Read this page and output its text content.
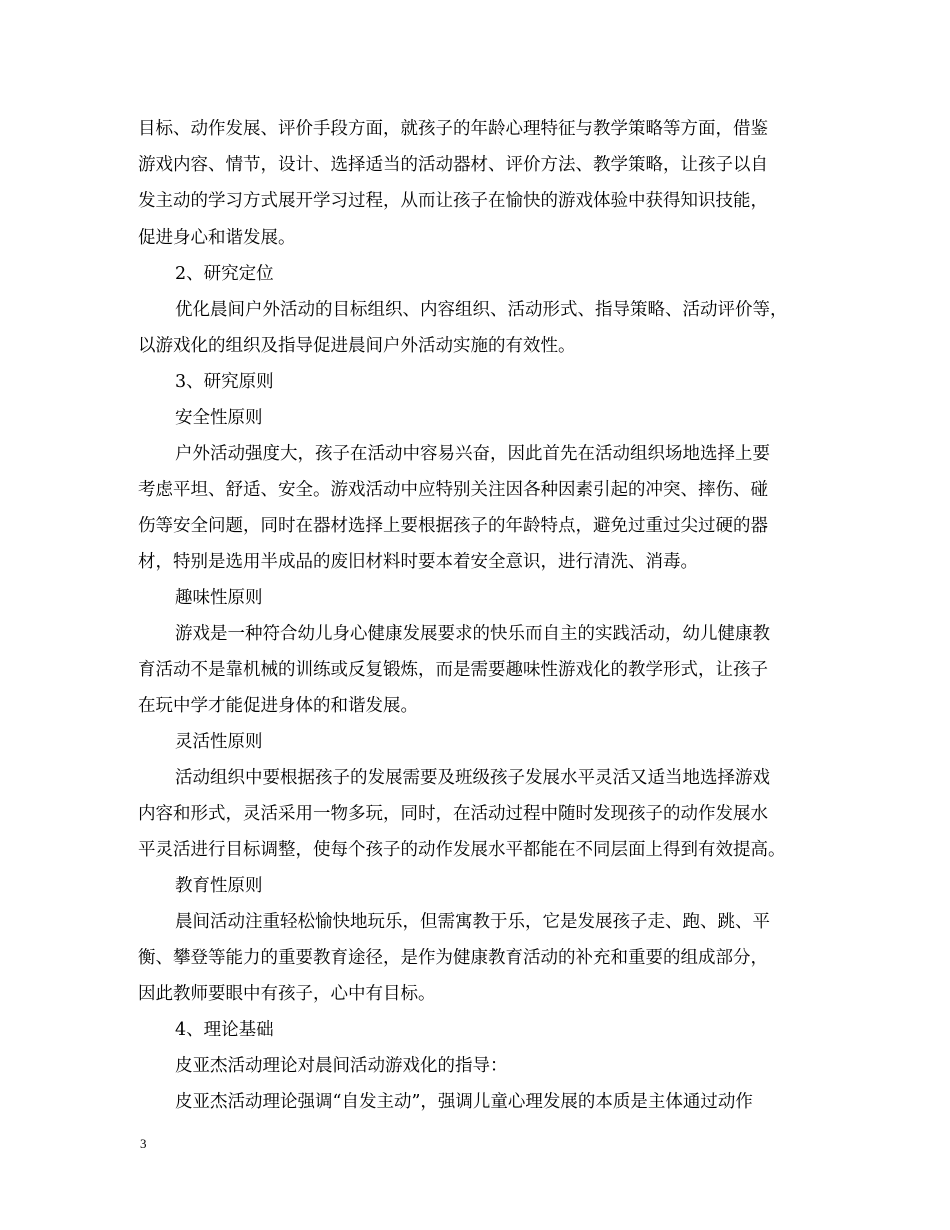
目标、动作发展、评价手段方面，就孩子的年龄心理特征与教学策略等方面，借鉴

游戏内容、情节，设计、选择适当的活动器材、评价方法、教学策略，让孩子以自

发主动的学习方式展开学习过程，从而让孩子在愉快的游戏体验中获得知识技能，

促进身心和谐发展。

2、研究定位

优化晨间户外活动的目标组织、内容组织、活动形式、指导策略、活动评价等，

以游戏化的组织及指导促进晨间户外活动实施的有效性。

3、研究原则

安全性原则

户外活动强度大，孩子在活动中容易兴奋，因此首先在活动组织场地选择上要

考虑平坦、舒适、安全。游戏活动中应特别关注因各种因素引起的冲突、摔伤、碰

伤等安全问题，同时在器材选择上要根据孩子的年龄特点，避免过重过尖过硬的器

材，特别是选用半成品的废旧材料时要本着安全意识，进行清洗、消毒。

趣味性原则

游戏是一种符合幼儿身心健康发展要求的快乐而自主的实践活动，幼儿健康教

育活动不是靠机械的训练或反复锻炼，而是需要趣味性游戏化的教学形式，让孩子

在玩中学才能促进身体的和谐发展。

灵活性原则

活动组织中要根据孩子的发展需要及班级孩子发展水平灵活又适当地选择游戏

内容和形式，灵活采用一物多玩，同时，在活动过程中随时发现孩子的动作发展水

平灵活进行目标调整，使每个孩子的动作发展水平都能在不同层面上得到有效提高。

教育性原则

晨间活动注重轻松愉快地玩乐，但需寓教于乐，它是发展孩子走、跑、跳、平

衡、攀登等能力的重要教育途径，是作为健康教育活动的补充和重要的组成部分，

因此教师要眼中有孩子，心中有目标。

4、理论基础

皮亚杰活动理论对晨间活动游戏化的指导：

皮亚杰活动理论强调“自发主动”，强调儿童心理发展的本质是主体通过动作

3
